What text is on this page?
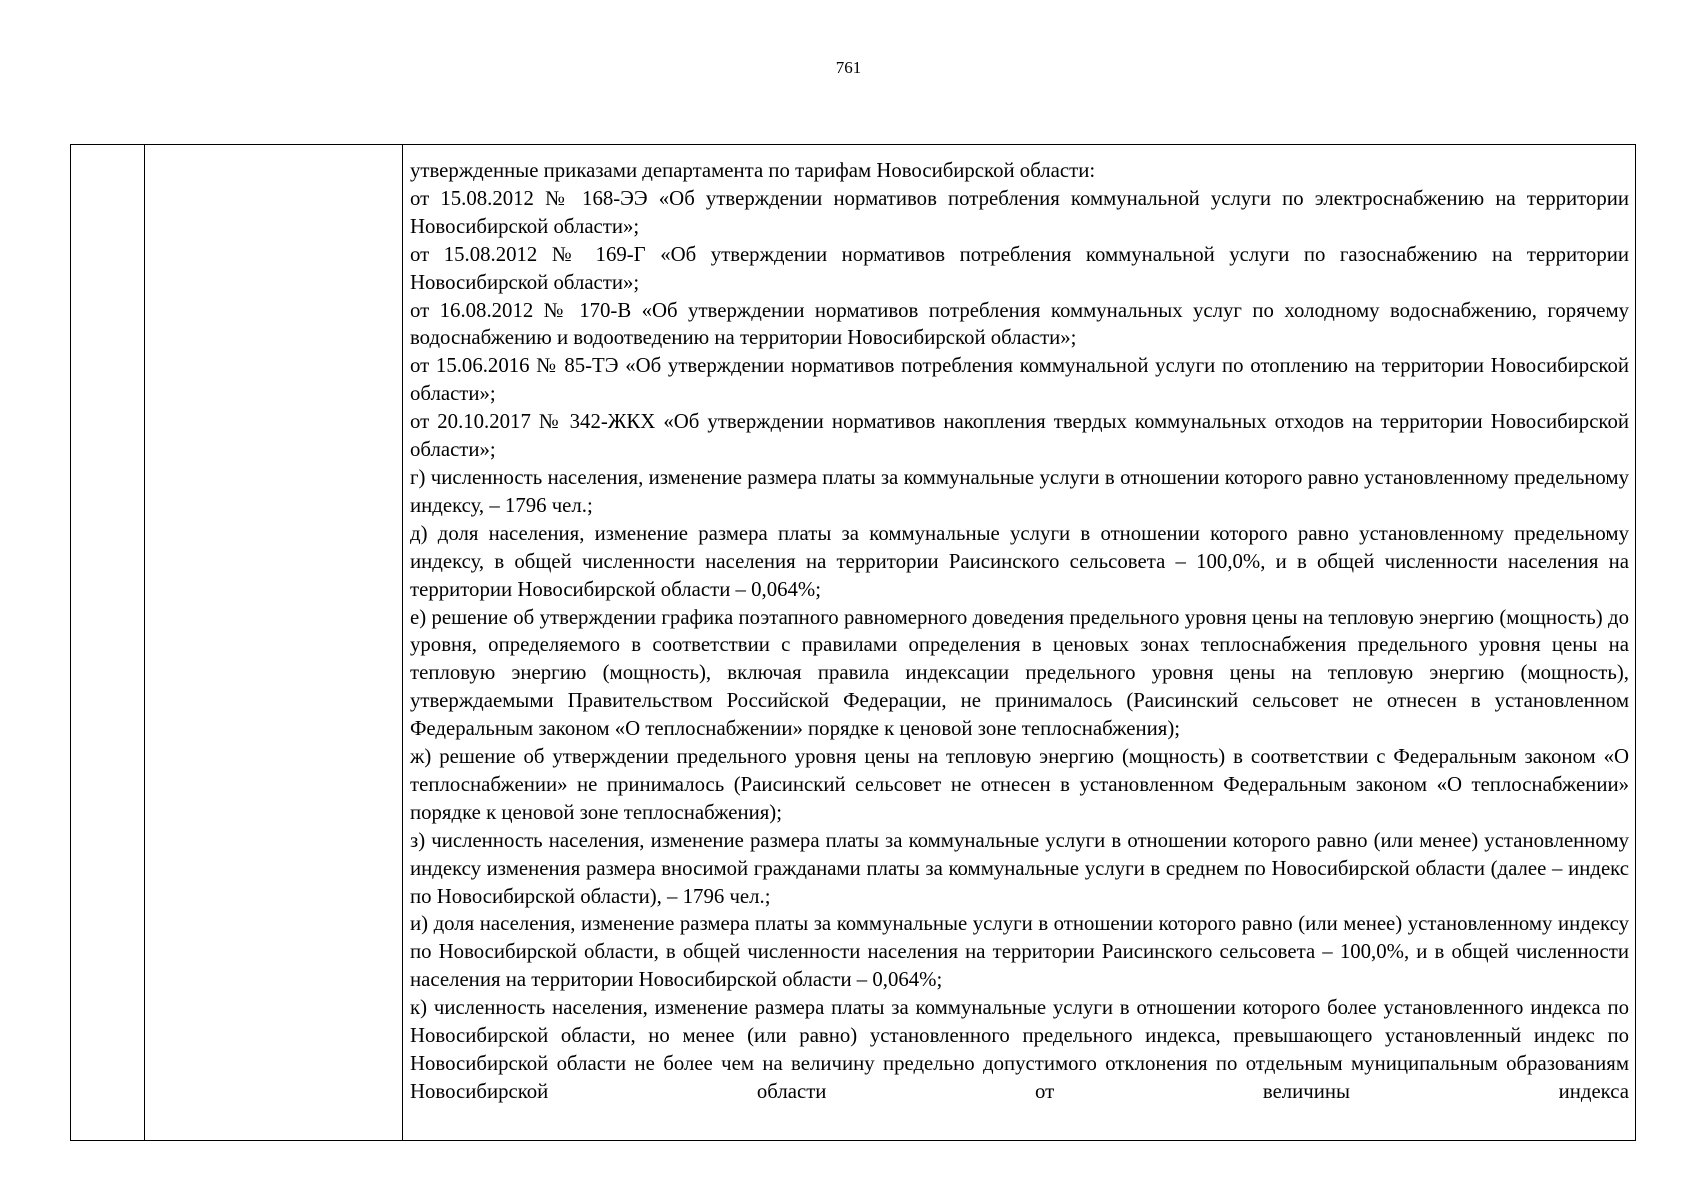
761

утвержденные приказами департамента по тарифам Новосибирской области:

от 15.08.2012 № 168-ЭЭ «Об утверждении нормативов потребления коммунальной услуги по электроснабжению на территории Новосибирской области»;

от 15.08.2012 № 169-Г «Об утверждении нормативов потребления коммунальной услуги по газоснабжению на территории Новосибирской области»;

от 16.08.2012 № 170-В «Об утверждении нормативов потребления коммунальных услуг по холодному водоснабжению, горячему водоснабжению и водоотведению на территории Новосибирской области»;

от 15.06.2016 № 85-ТЭ «Об утверждении нормативов потребления коммунальной услуги по отоплению на территории Новосибирской области»;

от 20.10.2017 № 342-ЖКХ «Об утверждении нормативов накопления твердых коммунальных отходов на территории Новосибирской области»;

г) численность населения, изменение размера платы за коммунальные услуги в отношении которого равно установленному предельному индексу, – 1796 чел.;

д) доля населения, изменение размера платы за коммунальные услуги в отношении которого равно установленному предельному индексу, в общей численности населения на территории Раисинского сельсовета – 100,0%, и в общей численности населения на территории Новосибирской области – 0,064%;

е) решение об утверждении графика поэтапного равномерного доведения предельного уровня цены на тепловую энергию (мощность) до уровня, определяемого в соответствии с правилами определения в ценовых зонах теплоснабжения предельного уровня цены на тепловую энергию (мощность), включая правила индексации предельного уровня цены на тепловую энергию (мощность), утверждаемыми Правительством Российской Федерации, не принималось (Раисинский сельсовет не отнесен в установленном Федеральным законом «О теплоснабжении» порядке к ценовой зоне теплоснабжения);

ж) решение об утверждении предельного уровня цены на тепловую энергию (мощность) в соответствии с Федеральным законом «О теплоснабжении» не принималось (Раисинский сельсовет не отнесен в установленном Федеральным законом «О теплоснабжении» порядке к ценовой зоне теплоснабжения);

з) численность населения, изменение размера платы за коммунальные услуги в отношении которого равно (или менее) установленному индексу изменения размера вносимой гражданами платы за коммунальные услуги в среднем по Новосибирской области (далее – индекс по Новосибирской области), – 1796 чел.;

и) доля населения, изменение размера платы за коммунальные услуги в отношении которого равно (или менее) установленному индексу по Новосибирской области, в общей численности населения на территории Раисинского сельсовета – 100,0%, и в общей численности населения на территории Новосибирской области – 0,064%;

к) численность населения, изменение размера платы за коммунальные услуги в отношении которого более установленного индекса по Новосибирской области, но менее (или равно) установленного предельного индекса, превышающего установленный индекс по Новосибирской области не более чем на величину предельно допустимого отклонения по отдельным муниципальным образованиям Новосибирской области от величины индекса
